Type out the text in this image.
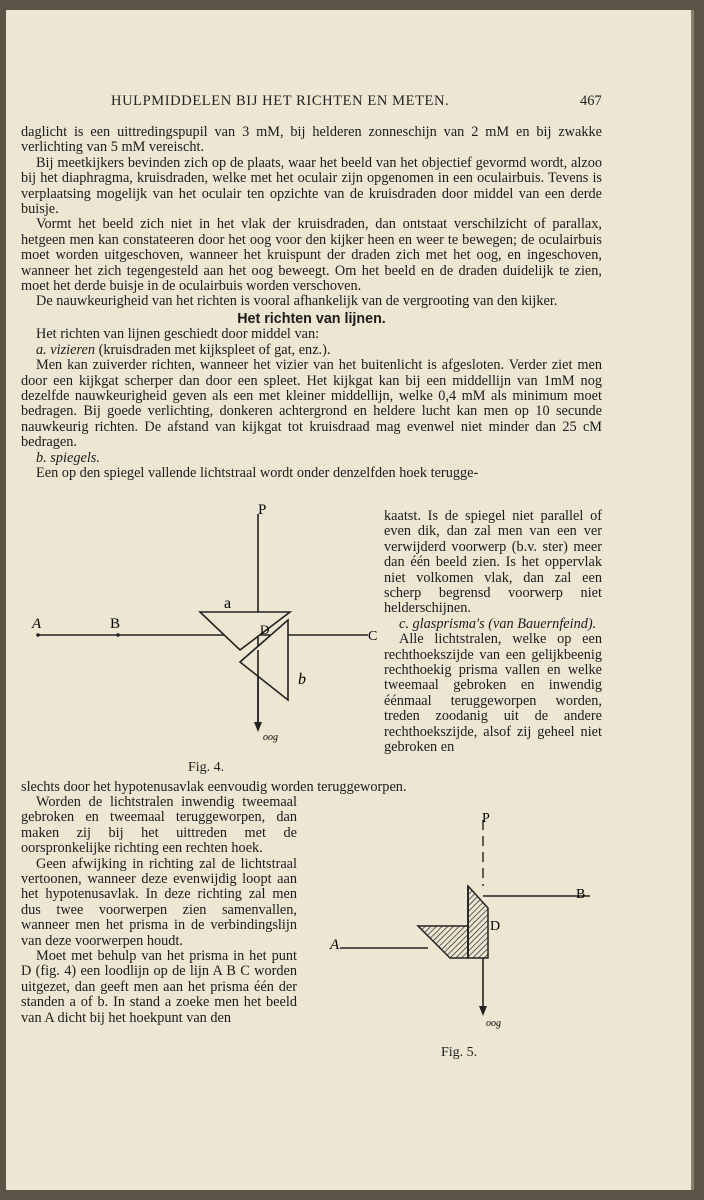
HULPMIDDELEN BIJ HET RICHTEN EN METEN.	467

daglicht is een uittredingspupil van 3 mM, bij helderen zonneschijn van 2 mM en bij zwakke verlichting van 5 mM vereischt.

Bij meetkijkers bevinden zich op de plaats, waar het beeld van het objectief gevormd wordt, alzoo bij het diaphragma, kruisdraden, welke met het oculair zijn opgenomen in een oculairbuis. Tevens is verplaatsing mogelijk van het oculair ten opzichte van de kruisdraden door middel van een derde buisje.

Vormt het beeld zich niet in het vlak der kruisdraden, dan ontstaat verschilzicht of parallax, hetgeen men kan constateeren door het oog voor den kijker heen en weer te bewegen; de oculairbuis moet worden uitgeschoven, wanneer het kruispunt der draden zich met het oog, en ingeschoven, wanneer het zich tegengesteld aan het oog beweegt. Om het beeld en de draden duidelijk te zien, moet het derde buisje in de oculairbuis worden verschoven.

De nauwkeurigheid van het richten is vooral afhankelijk van de vergrooting van den kijker.

Het richten van lijnen.

Het richten van lijnen geschiedt door middel van:

a. vizieren (kruisdraden met kijkspleet of gat, enz.).

Men kan zuiverder richten, wanneer het vizier van het buitenlicht is afgesloten. Verder ziet men door een kijkgat scherper dan door een spleet. Het kijkgat kan bij een middellijn van 1mM nog dezelfde nauwkeurigheid geven als een met kleiner middellijn, welke 0,4 mM als minimum moet bedragen. Bij goede verlichting, donkeren achtergrond en heldere lucht kan men op 10 secunde nauwkeurig richten. De afstand van kijkgat tot kruisdraad mag evenwel niet minder dan 25 cM bedragen.

b. spiegels.

Een op den spiegel vallende lichtstraal wordt onder denzelfden hoek terugge-

P
A	B
C
D
a
b
oog
Fig. 4.

kaatst. Is de spiegel niet parallel of even dik, dan zal men van een ver verwijderd voorwerp (b.v. ster) meer dan één beeld zien. Is het oppervlak niet volkomen vlak, dan zal een scherp begrensd voorwerp niet helderschijnen.

c. glasprisma's (van Bauernfeind).

Alle lichtstralen, welke op een rechthoekszijde van een gelijkbeenig rechthoekig prisma vallen en welke tweemaal gebroken en inwendig éénmaal teruggeworpen worden, treden zoodanig uit de andere rechthoekszijde, alsof zij geheel niet gebroken en

slechts door het hypotenusavlak eenvoudig worden teruggeworpen.

Worden de lichtstralen inwendig tweemaal gebroken en tweemaal teruggeworpen, dan maken zij bij het uittreden met de oorspronkelijke richting een rechten hoek.

Geen afwijking in richting zal de lichtstraal vertoonen, wanneer deze evenwijdig loopt aan het hypotenusavlak. In deze richting zal men dus twee voorwerpen zien samenvallen, wanneer men het prisma in de verbindingslijn van deze voorwerpen houdt.

Moet met behulp van het prisma in het punt D (fig. 4) een loodlijn op de lijn A B C worden uitgezet, dan geeft men aan het prisma één der standen a of b. In stand a zoeke men het beeld van A dicht bij het hoekpunt van den

P
B
D
A
oog
Fig. 5.
